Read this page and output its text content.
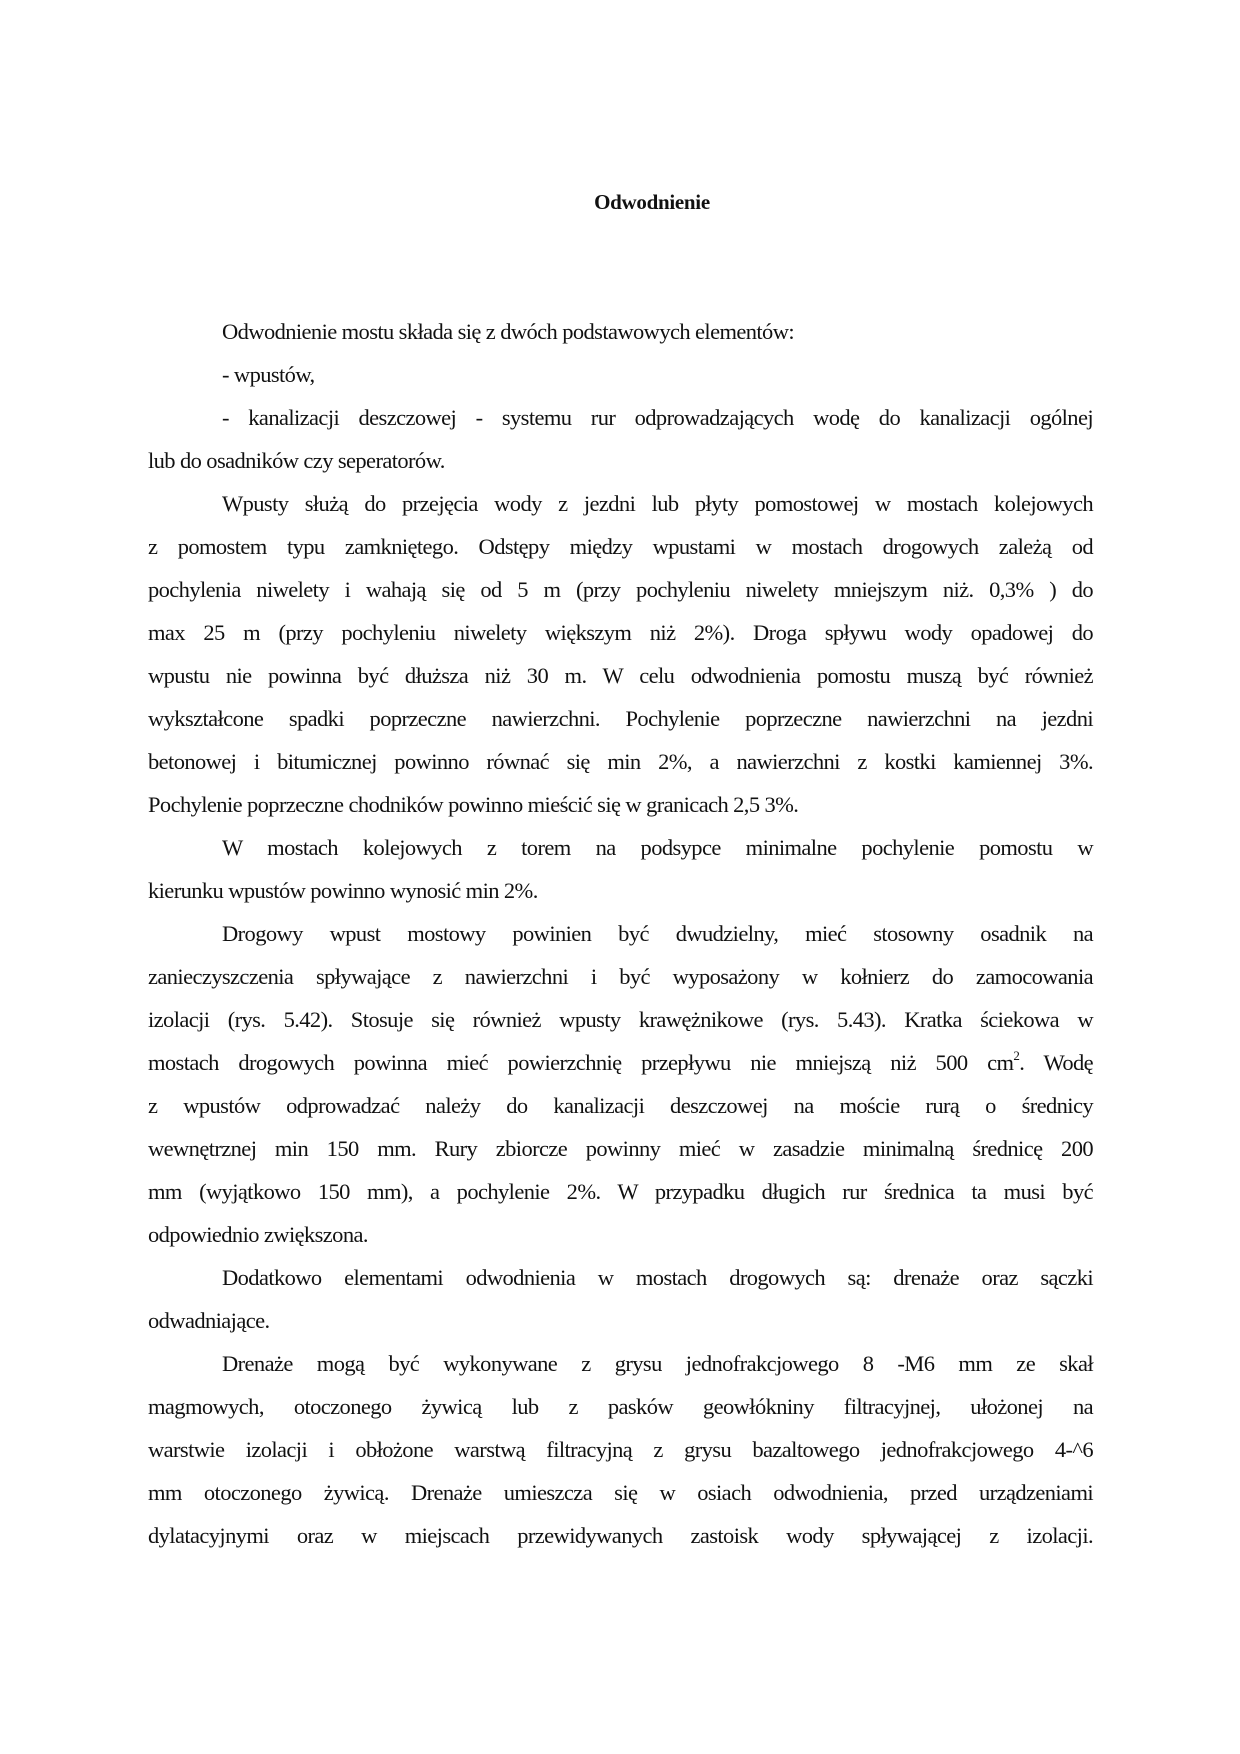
Odwodnienie
Odwodnienie mostu składa się z dwóch podstawowych elementów:
- wpustów,
- kanalizacji deszczowej - systemu rur odprowadzających wodę do kanalizacji ogólnej
lub do osadników czy seperatorów.
Wpusty służą do przejęcia wody z jezdni lub płyty pomostowej w mostach kolejowych
z pomostem typu zamkniętego. Odstępy między wpustami w mostach drogowych zależą od
pochylenia niwelety i wahają się od 5 m (przy pochyleniu niwelety mniejszym niż. 0,3% ) do
max 25 m (przy pochyleniu niwelety większym niż 2%). Droga spływu wody opadowej do
wpustu nie powinna być dłuższa niż 30 m. W celu odwodnienia pomostu muszą być również
wykształcone spadki poprzeczne nawierzchni. Pochylenie poprzeczne nawierzchni na jezdni
betonowej i bitumicznej powinno równać się min 2%, a nawierzchni z kostki kamiennej 3%.
Pochylenie poprzeczne chodników powinno mieścić się w granicach 2,5 3%.
W mostach kolejowych z torem na podsypce minimalne pochylenie pomostu w
kierunku wpustów powinno wynosić min 2%.
Drogowy wpust mostowy powinien być dwudzielny, mieć stosowny osadnik na
zanieczyszczenia spływające z nawierzchni i być wyposażony w kołnierz do zamocowania
izolacji (rys. 5.42). Stosuje się również wpusty krawężnikowe (rys. 5.43). Kratka ściekowa w
mostach drogowych powinna mieć powierzchnię przepływu nie mniejszą niż 500 $cm^2$. Wodę
z wpustów odprowadzać należy do kanalizacji deszczowej na moście rurą o średnicy
wewnętrznej min 150 mm. Rury zbiorcze powinny mieć w zasadzie minimalną średnicę 200
mm (wyjątkowo 150 mm), a pochylenie 2%. W przypadku długich rur średnica ta musi być
odpowiednio zwiększona.
Dodatkowo elementami odwodnienia w mostach drogowych są: drenaże oraz sączki
odwadniające.
Drenaże mogą być wykonywane z grysu jednofrakcjowego 8 -M6 mm ze skał
magmowych, otoczonego żywicą lub z pasków geowłókniny filtracyjnej, ułożonej na
warstwie izolacji i obłożone warstwą filtracyjną z grysu bazaltowego jednofrakcjowego 4-^6
mm otoczonego żywicą. Drenaże umieszcza się w osiach odwodnienia, przed urządzeniami
dylatacyjnymi oraz w miejscach przewidywanych zastoisk wody spływającej z izolacji.
